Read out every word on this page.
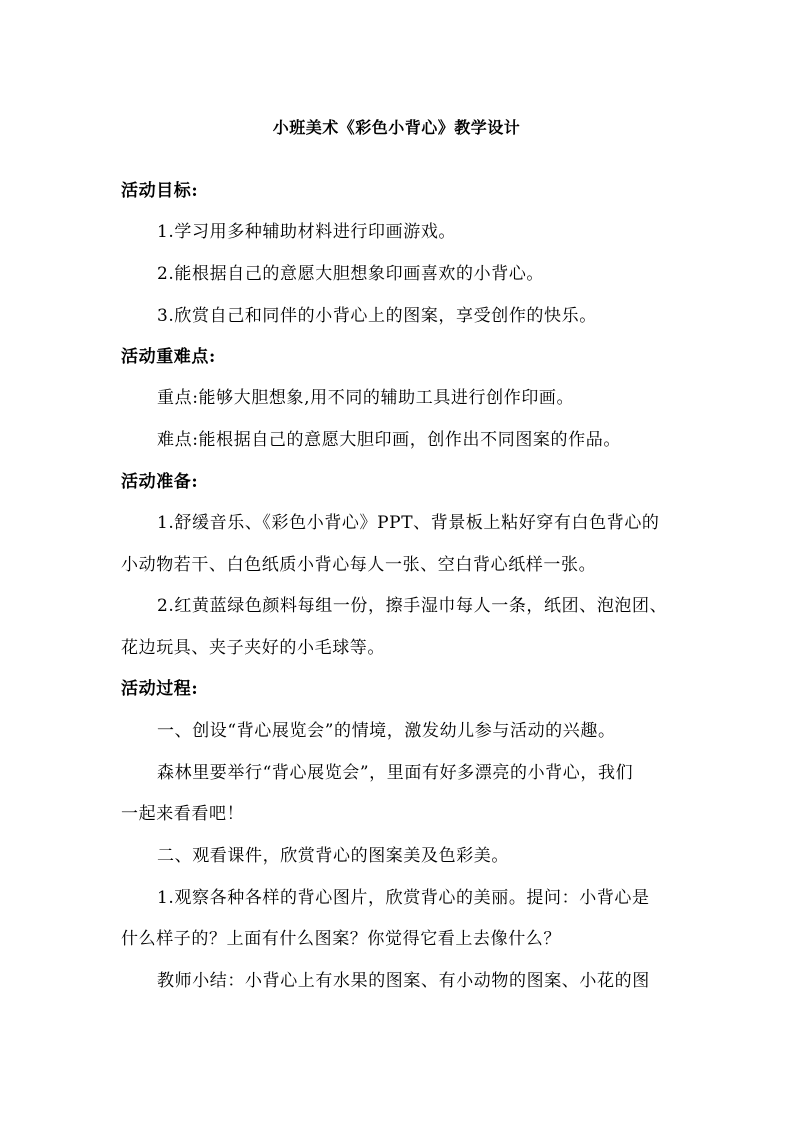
小班美术《彩色小背心》教学设计
活动目标:
1.学习用多种辅助材料进行印画游戏。
2.能根据自己的意愿大胆想象印画喜欢的小背心。
3.欣赏自己和同伴的小背心上的图案，享受创作的快乐。
活动重难点:
重点:能够大胆想象,用不同的辅助工具进行创作印画。
难点:能根据自己的意愿大胆印画，创作出不同图案的作品。
活动准备:
1.舒缓音乐、《彩色小背心》PPT、背景板上粘好穿有白色背心的
小动物若干、白色纸质小背心每人一张、空白背心纸样一张。
2.红黄蓝绿色颜料每组一份，擦手湿巾每人一条，纸团、泡泡团、
花边玩具、夹子夹好的小毛球等。
活动过程:
一、创设“背心展览会”的情境，激发幼儿参与活动的兴趣。
森林里要举行“背心展览会”，里面有好多漂亮的小背心，我们
一起来看看吧！
二、观看课件，欣赏背心的图案美及色彩美。
1.观察各种各样的背心图片，欣赏背心的美丽。提问：小背心是
什么样子的？上面有什么图案？你觉得它看上去像什么？
教师小结：小背心上有水果的图案、有小动物的图案、小花的图
